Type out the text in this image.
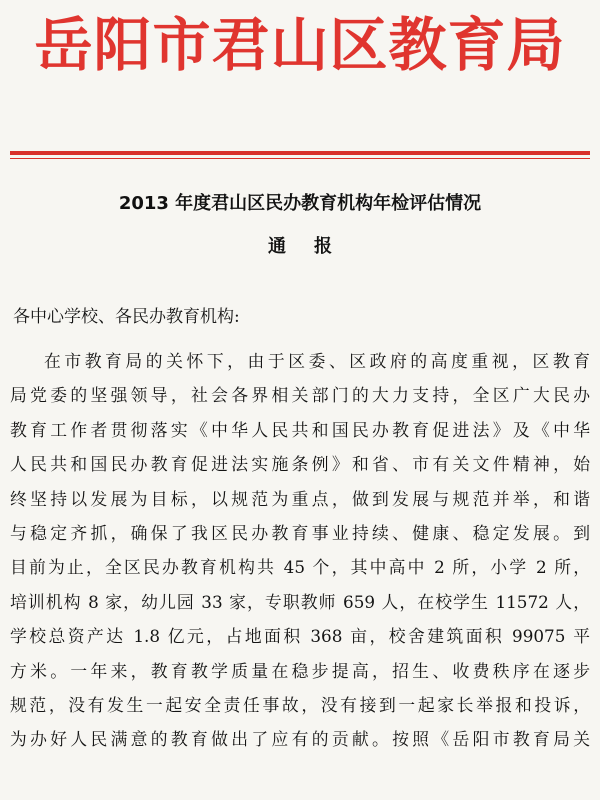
岳阳市君山区教育局
2013 年度君山区民办教育机构年检评估情况
通报
各中心学校、各民办教育机构:
在市教育局的关怀下，由于区委、区政府的高度重视，区教育
局党委的坚强领导，社会各界相关部门的大力支持，全区广大民办
教育工作者贯彻落实《中华人民共和国民办教育促进法》及《中华
人民共和国民办教育促进法实施条例》和省、市有关文件精神，始
终坚持以发展为目标，以规范为重点，做到发展与规范并举，和谐
与稳定齐抓，确保了我区民办教育事业持续、健康、稳定发展。到
目前为止，全区民办教育机构共 45 个，其中高中 2 所，小学 2 所，
培训机构 8 家，幼儿园 33 家，专职教师 659 人，在校学生 11572 人，
学校总资产达 1.8 亿元，占地面积 368 亩，校舍建筑面积 99075 平
方米。一年来，教育教学质量在稳步提高，招生、收费秩序在逐步
规范，没有发生一起安全责任事故，没有接到一起家长举报和投诉，
为办好人民满意的教育做出了应有的贡献。按照《岳阳市教育局关
